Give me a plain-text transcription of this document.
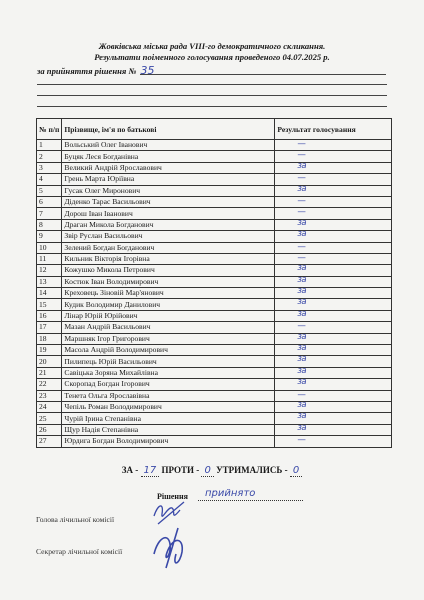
Жовківська міська рада VIII-го демократичного скликання.
Результати поіменного голосування проведеного 04.07.2025 р.
за прийняття рішення № 35
№ п/п	Прізвище, ім'я по батькові	Результат голосування
1	Вольський Олег Іванович	—

2	Буцяк Леся Богданівна	—

3	Великий Андрій Ярославович	за

4	Грень Марта Юріївна	—

5	Гусак Олег Миронович	за

6	Діденко Тарас Васильович	—

7	Дорош Іван Іванович	—

8	Драган Микола Богданович	за

9	Звір Руслан Васильович	за

10	Зелений Богдан Богданович	—

11	Кильник Вікторія Ігорівна	—

12	Кожушко Микола Петрович	за

13	Костюк Іван Володимирович	за

14	Креховець Зіновій Мар'янович	за

15	Кудик Володимир Данилович	за

16	Лінар Юрій Юрійович	за

17	Мазан Андрій Васильович	—

18	Маршняк Ігор Григорович	за

19	Масола Андрій Володимирович	за

20	Пилипець Юрій Васильович	за

21	Савіцька Зоряна Михайлівна	за

22	Скоропад Богдан Ігорович	за

23	Тенета Ольга Ярославівна	—

24	Чепіль Роман Володимирович	за

25	Чурій Ірина Степанівна	за

26	Щур Надія Степанівна	за

27	Юрдига Богдан Володимирович	—
ЗА - 17 ПРОТИ - 0 УТРИМАЛИСЬ - 0
Рішення прийнято
Голова лічильної комісії
Секретар лічильної комісії
